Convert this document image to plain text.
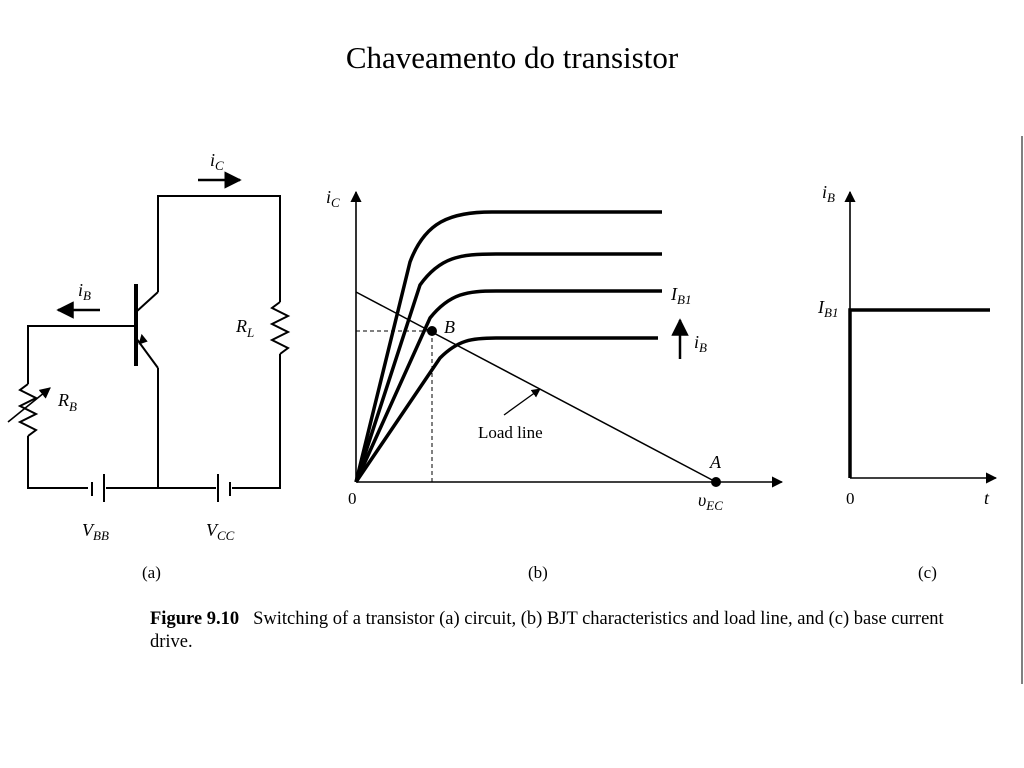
Chaveamento do transistor
$i_C$
$i_B$
$R_L$
$R_B$
$V_{BB}$	$V_{CC}$
(a)
$i_C$
0	$\upsilon_{EC}$
$I_{B1}$
$i_B$
B
A
Load line
(b)
$i_B$
$I_{B1}$
0	t
(c)
Figure 9.10 Switching of a transistor (a) circuit, (b) BJT characteristics and load line, and (c) base current drive.
